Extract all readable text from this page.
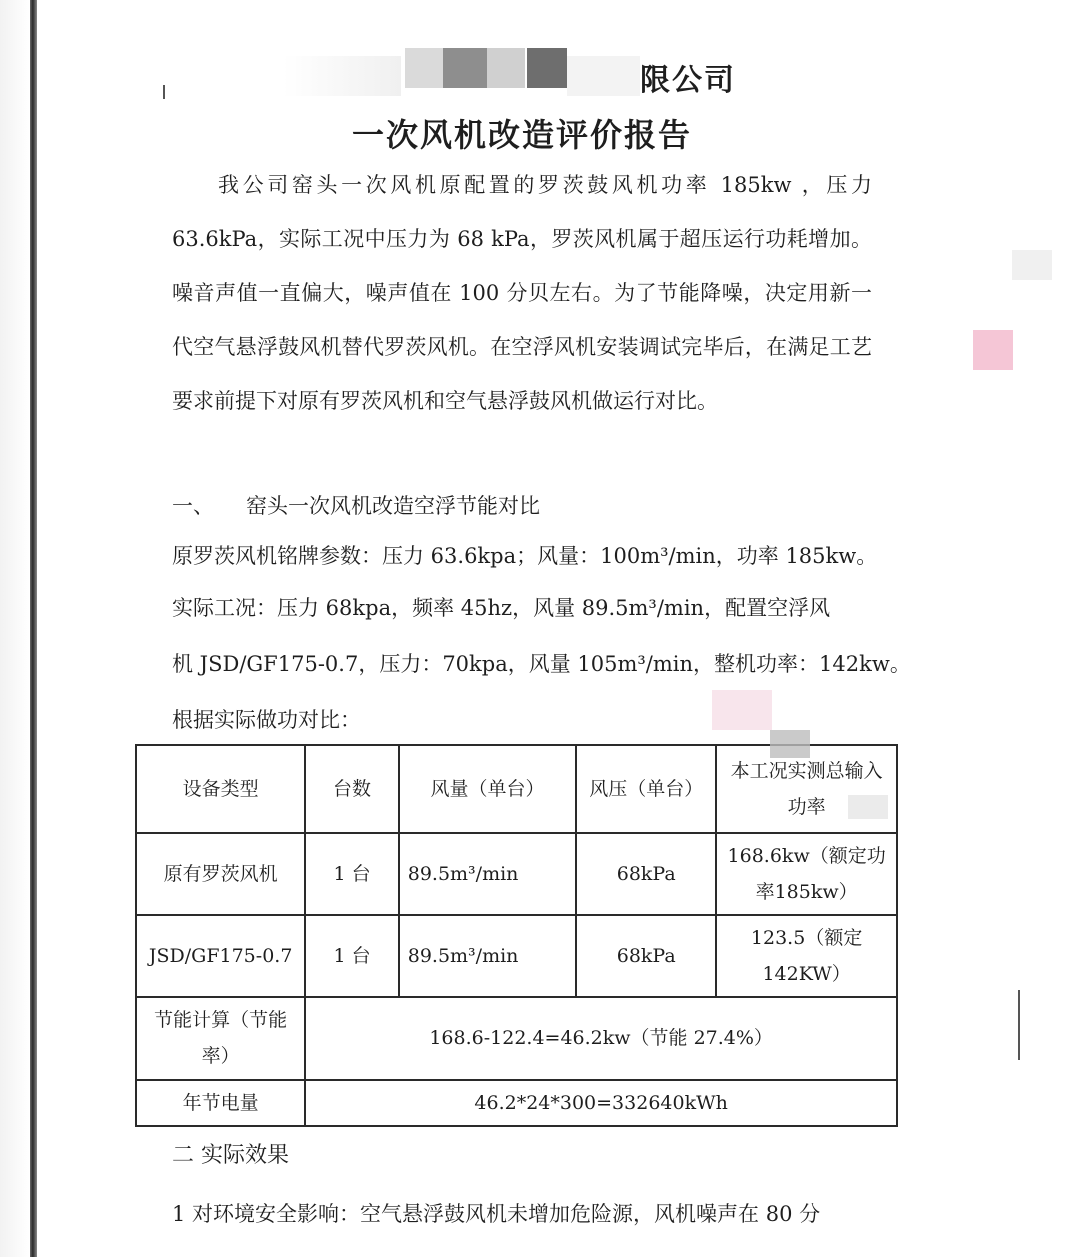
限公司
一次风机改造评价报告
我公司窑头一次风机原配置的罗茨鼓风机功率 185kw ，压力 63.6kPa，实际工况中压力为 68 kPa，罗茨风机属于超压运行功耗增加。噪音声值一直偏大，噪声值在 100 分贝左右。为了节能降噪，决定用新一代空气悬浮鼓风机替代罗茨风机。在空浮风机安装调试完毕后，在满足工艺要求前提下对原有罗茨风机和空气悬浮鼓风机做运行对比。
一、 窑头一次风机改造空浮节能对比
原罗茨风机铭牌参数：压力 63.6kpa；风量：100m³/min，功率 185kw。
实际工况：压力 68kpa，频率 45hz，风量 89.5m³/min，配置空浮风
机 JSD/GF175-0.7，压力：70kpa，风量 105m³/min，整机功率：142kw。
根据实际做功对比：
设备类型	台数	风量（单台）	风压（单台）	本工况实测总输入功率
原有罗茨风机	1 台	89.5m³/min	68kPa	168.6kw（额定功率185kw）
JSD/GF175-0.7	1 台	89.5m³/min	68kPa	123.5（额定 142KW）
节能计算（节能率）	168.6-122.4=46.2kw（节能 27.4%）			
年节电量	46.2*24*300=332640kWh			
二 实际效果
1 对环境安全影响：空气悬浮鼓风机未增加危险源，风机噪声在 80 分
